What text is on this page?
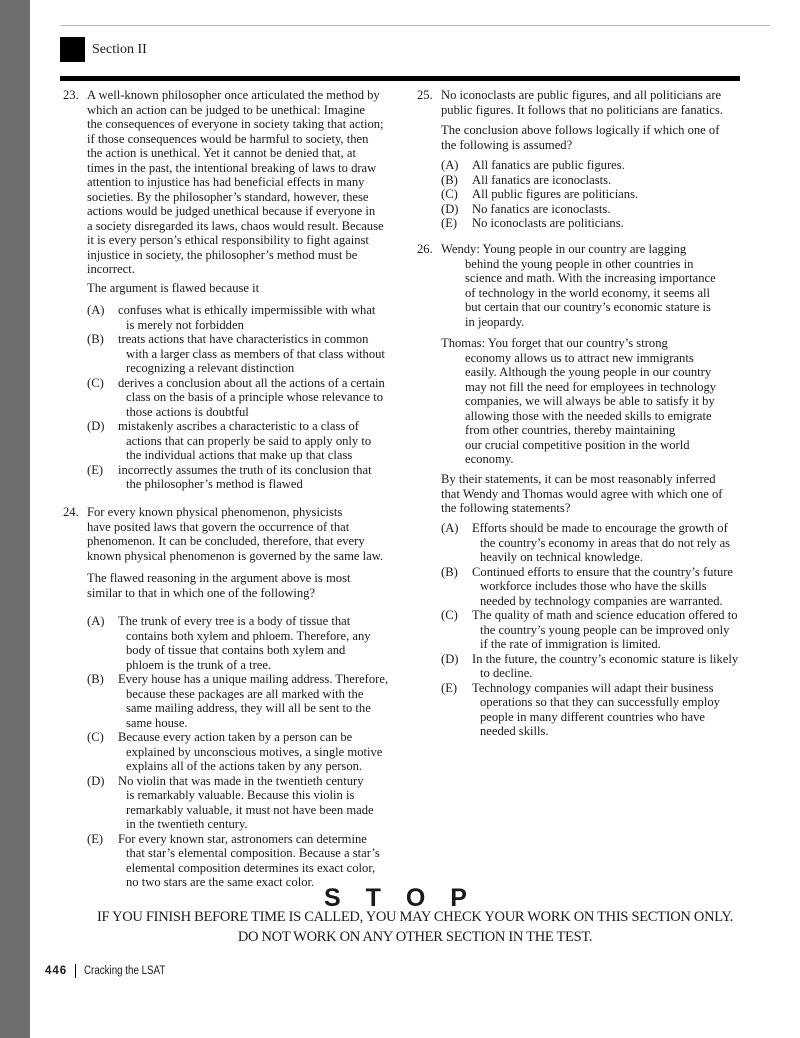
Section II
23. A well-known philosopher once articulated the method by
which an action can be judged to be unethical: Imagine
the consequences of everyone in society taking that action;
if those consequences would be harmful to society, then
the action is unethical. Yet it cannot be denied that, at
times in the past, the intentional breaking of laws to draw
attention to injustice has had beneficial effects in many
societies. By the philosopher’s standard, however, these
actions would be judged unethical because if everyone in
a society disregarded its laws, chaos would result. Because
it is every person’s ethical responsibility to fight against
injustice in society, the philosopher’s method must be
incorrect.
The argument is flawed because it
(A) confuses what is ethically impermissible with what
is merely not forbidden
(B) treats actions that have characteristics in common
with a larger class as members of that class without
recognizing a relevant distinction
(C) derives a conclusion about all the actions of a certain
class on the basis of a principle whose relevance to
those actions is doubtful
(D) mistakenly ascribes a characteristic to a class of
actions that can properly be said to apply only to
the individual actions that make up that class
(E) incorrectly assumes the truth of its conclusion that
the philosopher’s method is flawed
24. For every known physical phenomenon, physicists
have posited laws that govern the occurrence of that
phenomenon. It can be concluded, therefore, that every
known physical phenomenon is governed by the same law.
The flawed reasoning in the argument above is most
similar to that in which one of the following?
(A) The trunk of every tree is a body of tissue that
contains both xylem and phloem. Therefore, any
body of tissue that contains both xylem and
phloem is the trunk of a tree.
(B) Every house has a unique mailing address. Therefore,
because these packages are all marked with the
same mailing address, they will all be sent to the
same house.
(C) Because every action taken by a person can be
explained by unconscious motives, a single motive
explains all of the actions taken by any person.
(D) No violin that was made in the twentieth century
is remarkably valuable. Because this violin is
remarkably valuable, it must not have been made
in the twentieth century.
(E) For every known star, astronomers can determine
that star’s elemental composition. Because a star’s
elemental composition determines its exact color,
no two stars are the same exact color.
25. No iconoclasts are public figures, and all politicians are
public figures. It follows that no politicians are fanatics.
The conclusion above follows logically if which one of
the following is assumed?
(A) All fanatics are public figures.
(B) All fanatics are iconoclasts.
(C) All public figures are politicians.
(D) No fanatics are iconoclasts.
(E) No iconoclasts are politicians.
26. Wendy: Young people in our country are lagging
behind the young people in other countries in
science and math. With the increasing importance
of technology in the world economy, it seems all
but certain that our country’s economic stature is
in jeopardy.
Thomas: You forget that our country’s strong
economy allows us to attract new immigrants
easily. Although the young people in our country
may not fill the need for employees in technology
companies, we will always be able to satisfy it by
allowing those with the needed skills to emigrate
from other countries, thereby maintaining
our crucial competitive position in the world
economy.
By their statements, it can be most reasonably inferred
that Wendy and Thomas would agree with which one of
the following statements?
(A) Efforts should be made to encourage the growth of
the country’s economy in areas that do not rely as
heavily on technical knowledge.
(B) Continued efforts to ensure that the country’s future
workforce includes those who have the skills
needed by technology companies are warranted.
(C) The quality of math and science education offered to
the country’s young people can be improved only
if the rate of immigration is limited.
(D) In the future, the country’s economic stature is likely
to decline.
(E) Technology companies will adapt their business
operations so that they can successfully employ
people in many different countries who have
needed skills.
S T O P
IF YOU FINISH BEFORE TIME IS CALLED, YOU MAY CHECK YOUR WORK ON THIS SECTION ONLY.
DO NOT WORK ON ANY OTHER SECTION IN THE TEST.
446 Cracking the LSAT
